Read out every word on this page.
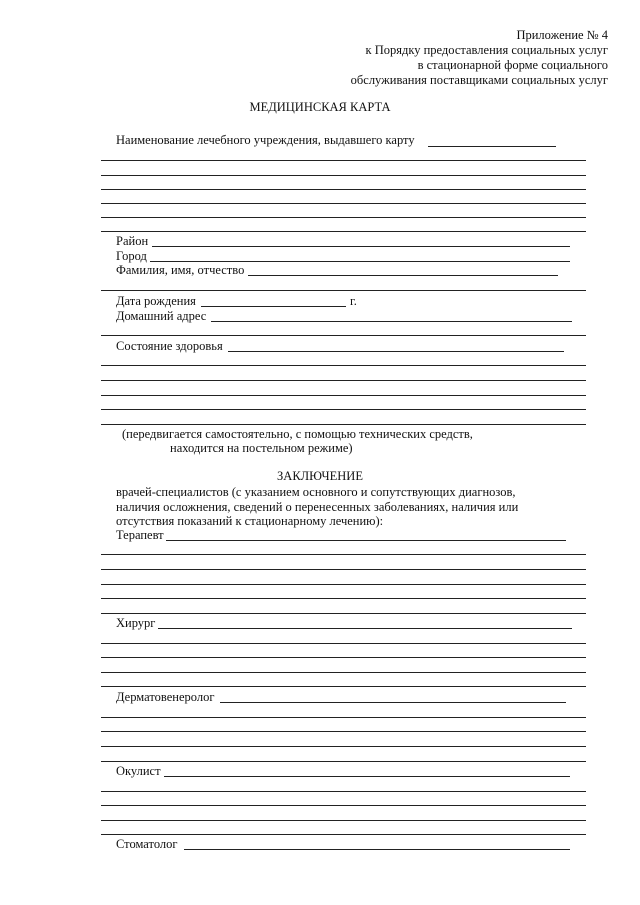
Приложение № 4
к Порядку предоставления социальных услуг
в стационарной форме социального
обслуживания поставщиками социальных услуг
МЕДИЦИНСКАЯ КАРТА
Наименование лечебного учреждения, выдавшего карту
Район
Город
Фамилия, имя, отчество
Дата рождения	г.
Домашний адрес
Состояние здоровья
(передвигается самостоятельно, с помощью технических средств,
находится на постельном режиме)
ЗАКЛЮЧЕНИЕ
врачей-специалистов (с указанием основного и сопутствующих диагнозов,
наличия осложнения, сведений о перенесенных заболеваниях, наличия или
отсутствия показаний к стационарному лечению):
Терапевт
Хирург
Дерматовенеролог
Окулист
Стоматолог
